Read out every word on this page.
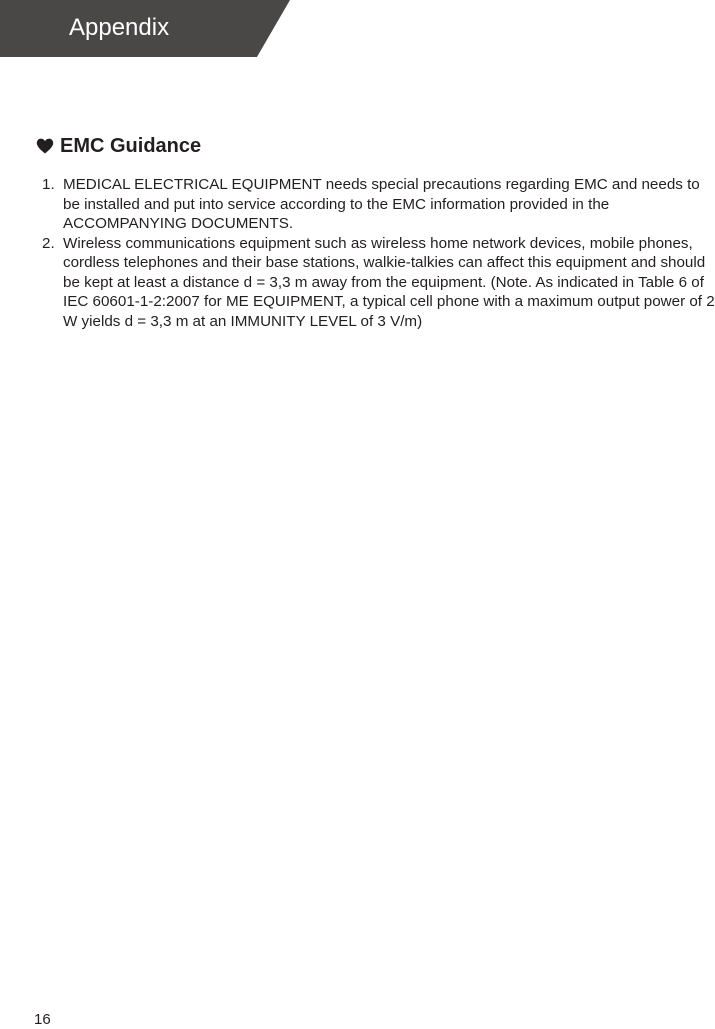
Appendix
EMC Guidance
1. MEDICAL ELECTRICAL EQUIPMENT needs special precautions regarding EMC and needs to be installed and put into service according to the EMC information provided in the ACCOMPANYING DOCUMENTS.
2. Wireless communications equipment such as wireless home network devices, mobile phones, cordless telephones and their base stations, walkie-talkies can affect this equipment and should be kept at least a distance d = 3,3 m away from the equipment. (Note. As indicated in Table 6 of IEC 60601-1-2:2007 for ME EQUIPMENT, a typical cell phone with a maximum output power of 2 W yields d = 3,3 m at an IMMUNITY LEVEL of 3 V/m)
16
